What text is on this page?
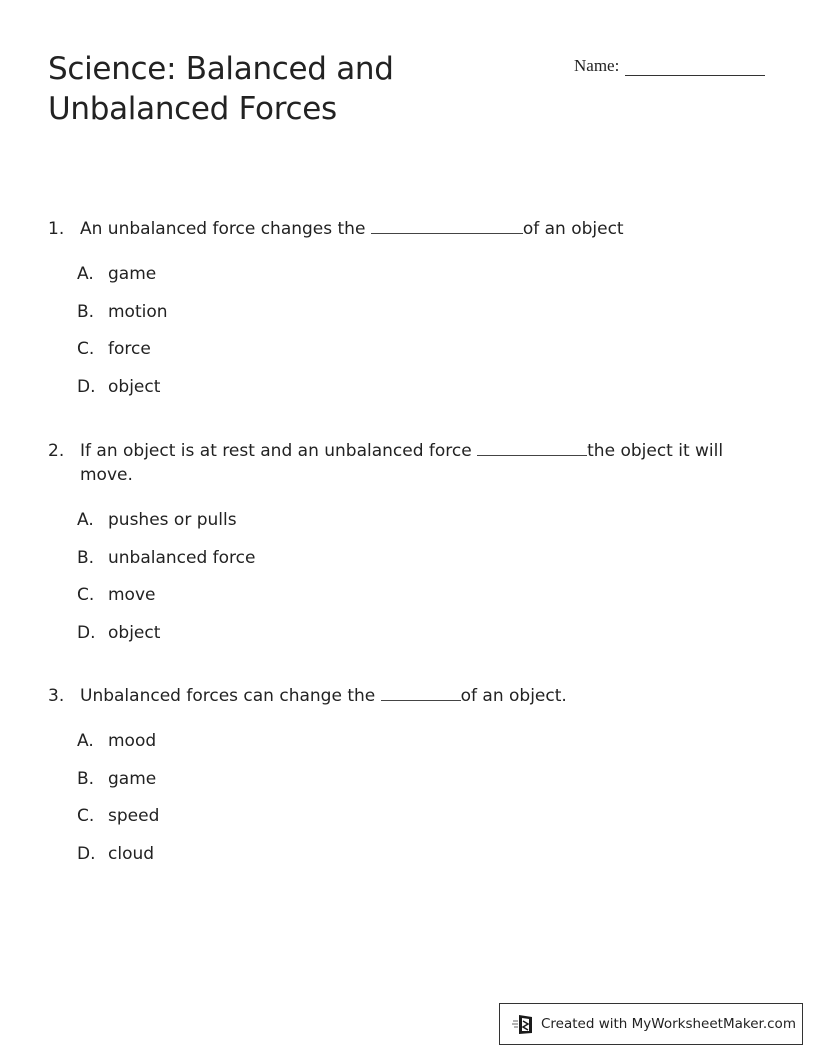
Science: Balanced and
Unbalanced Forces
Name:
1. An unbalanced force changes the	of an object
A. game
B. motion
C. force
D. object
2. If an object is at rest and an unbalanced force	the object it will move.
A. pushes or pulls
B. unbalanced force
C. move
D. object
3. Unbalanced forces can change the	of an object.
A. mood
B. game
C. speed
D. cloud
Created with MyWorksheetMaker.com
